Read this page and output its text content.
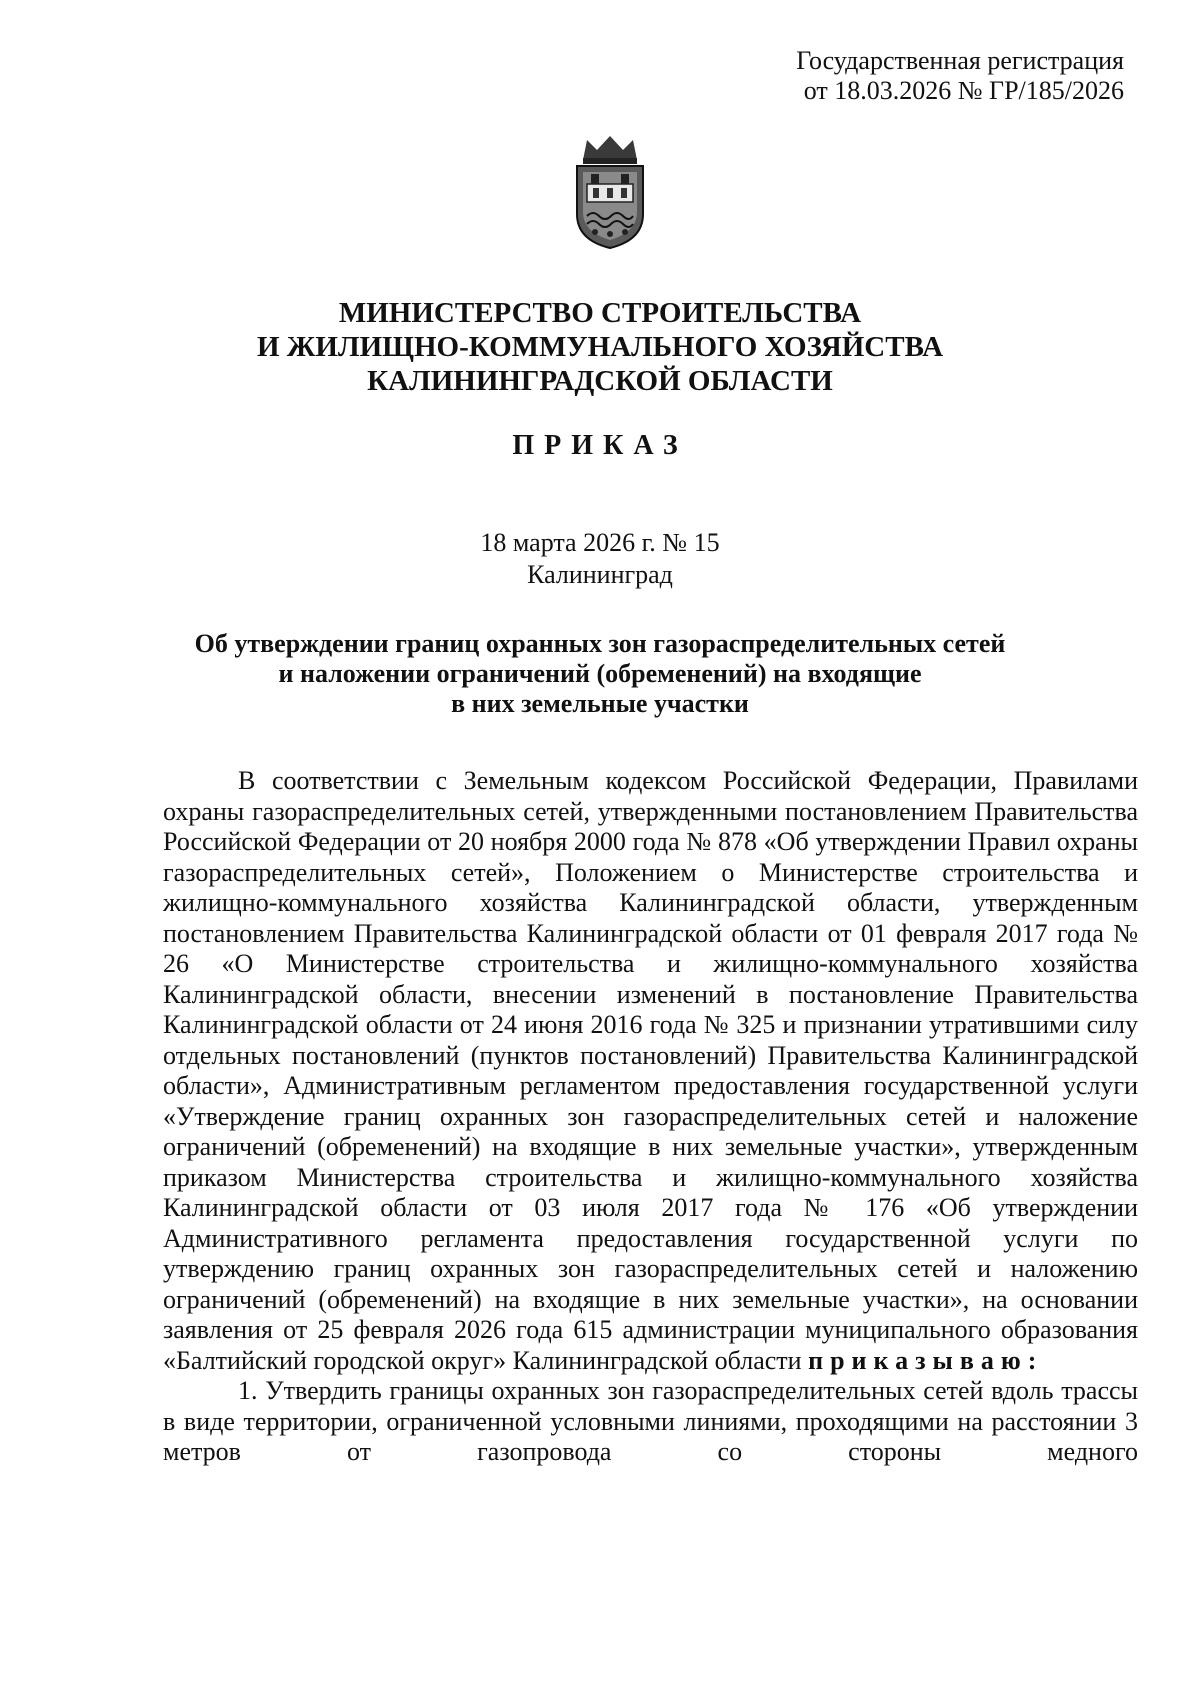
Государственная регистрация
от 18.03.2026 № ГР/185/2026
МИНИСТЕРСТВО СТРОИТЕЛЬСТВА
И ЖИЛИЩНО-КОММУНАЛЬНОГО ХОЗЯЙСТВА
КАЛИНИНГРАДСКОЙ ОБЛАСТИ
ПРИКАЗ
18 марта 2026 г. № 15
Калининград
Об утверждении границ охранных зон газораспределительных сетей
и наложении ограничений (обременений) на входящие
в них земельные участки

В соответствии с Земельным кодексом Российской Федерации, Правилами охраны газораспределительных сетей, утвержденными постановлением Правительства Российской Федерации от 20 ноября 2000 года № 878 «Об утверждении Правил охраны газораспределительных сетей», Положением о Министерстве строительства и жилищно-коммунального хозяйства Калининградской области, утвержденным постановлением Правительства Калининградской области от 01 февраля 2017 года № 26 «О Министерстве строительства и жилищно-коммунального хозяйства Калининградской области, внесении изменений в постановление Правительства Калининградской области от 24 июня 2016 года № 325 и признании утратившими силу отдельных постановлений (пунктов постановлений) Правительства Калининградской области», Административным регламентом предоставления государственной услуги «Утверждение границ охранных зон газораспределительных сетей и наложение ограничений (обременений) на входящие в них земельные участки», утвержденным приказом Министерства строительства и жилищно-коммунального хозяйства Калининградской области от 03 июля 2017 года № 176 «Об утверждении Административного регламента предоставления государственной услуги по утверждению границ охранных зон газораспределительных сетей и наложению ограничений (обременений) на входящие в них земельные участки», на основании заявления от 25 февраля 2026 года 615 администрации муниципального образования «Балтийский городской округ» Калининградской области приказываю:

1. Утвердить границы охранных зон газораспределительных сетей вдоль трассы в виде территории, ограниченной условными линиями, проходящими на расстоянии 3 метров от газопровода со стороны медного
